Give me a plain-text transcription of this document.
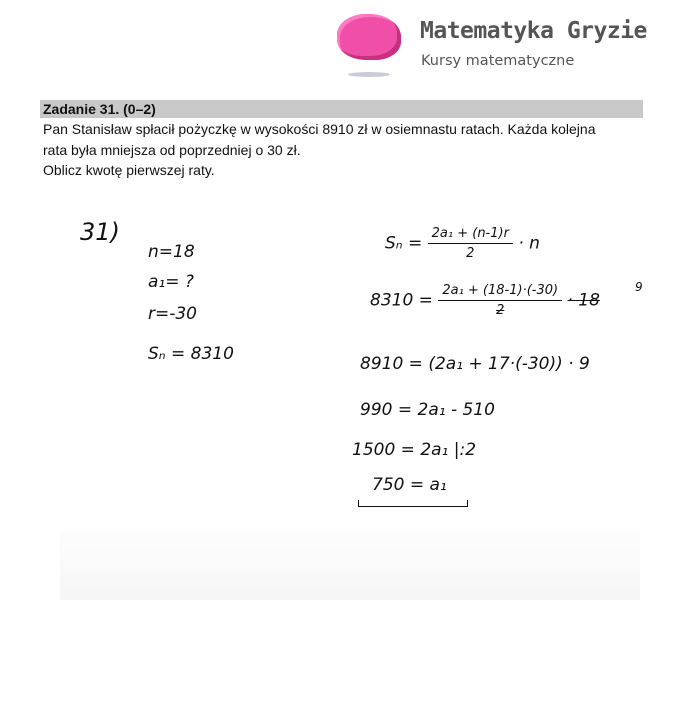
Matematyka Gryzie
Kursy matematyczne
Zadanie 31. (0–2)
Pan Stanisław spłacił pożyczkę w wysokości 8910 zł w osiemnastu ratach. Każda kolejna
rata była mniejsza od poprzedniej o 30 zł.
Oblicz kwotę pierwszej raty.
31)
n=18
a₁= ?
r=-30
Sₙ = 8310
$S_n = \frac{\text{2a₁ + (n-1)r}}{2} \cdot n$
$8310 = \frac{\text{2a₁ + (18-1)·(-30)}}{2} \cdot 18$
9
8910 = (2a₁ + 17·(-30)) · 9
990 = 2a₁ - 510
1500 = 2a₁ |:2
750 = a₁
